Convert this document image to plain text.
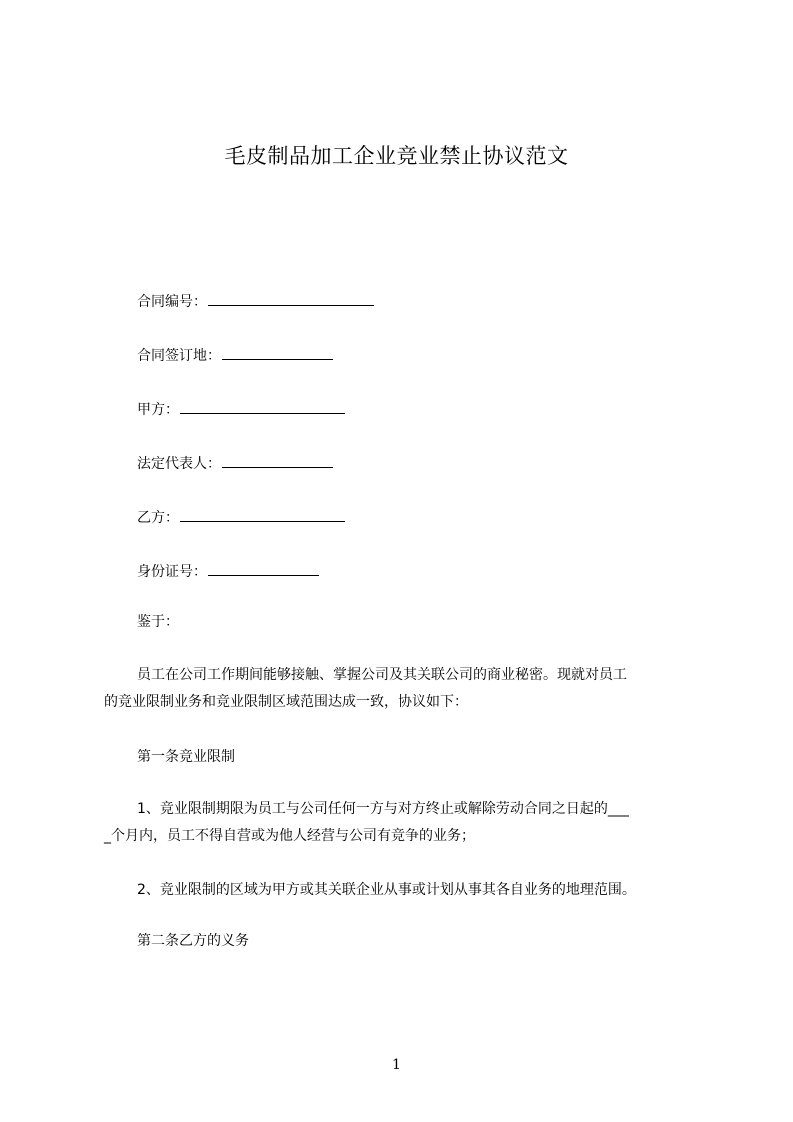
毛皮制品加工企业竞业禁止协议范文
合同编号：
合同签订地：
甲方：
法定代表人：
乙方：
身份证号：
鉴于：
员工在公司工作期间能够接触、掌握公司及其关联公司的商业秘密。现就对员工
的竞业限制业务和竞业限制区域范围达成一致，协议如下：
第一条竞业限制
1、竞业限制期限为员工与公司任何一方与对方终止或解除劳动合同之日起的___
_个月内，员工不得自营或为他人经营与公司有竞争的业务；
2、竞业限制的区域为甲方或其关联企业从事或计划从事其各自业务的地理范围。
第二条乙方的义务
1
